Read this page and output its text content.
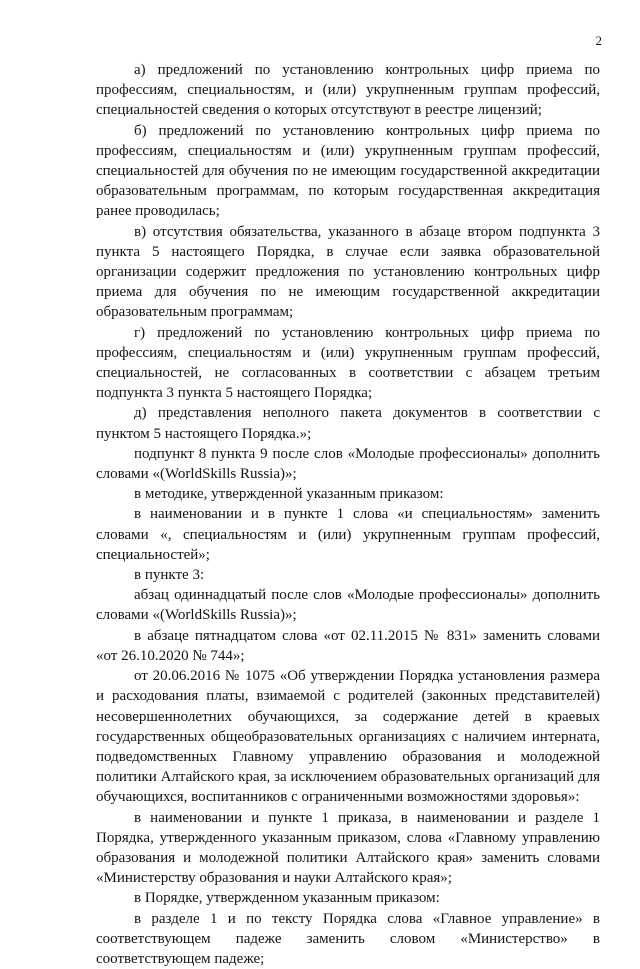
2

а) предложений по установлению контрольных цифр приема по профессиям, специальностям, и (или) укрупненным группам профессий, специальностей сведения о которых отсутствуют в реестре лицензий;

б) предложений по установлению контрольных цифр приема по профессиям, специальностям и (или) укрупненным группам профессий, специальностей для обучения по не имеющим государственной аккредитации образовательным программам, по которым государственная аккредитация ранее проводилась;

в) отсутствия обязательства, указанного в абзаце втором подпункта 3 пункта 5 настоящего Порядка, в случае если заявка образовательной организации содержит предложения по установлению контрольных цифр приема для обучения по не имеющим государственной аккредитации образовательным программам;

г) предложений по установлению контрольных цифр приема по профессиям, специальностям и (или) укрупненным группам профессий, специальностей, не согласованных в соответствии с абзацем третьим подпункта 3 пункта 5 настоящего Порядка;

д) представления неполного пакета документов в соответствии с пунктом 5 настоящего Порядка.»;

подпункт 8 пункта 9 после слов «Молодые профессионалы» дополнить словами «(WorldSkills Russia)»;

в методике, утвержденной указанным приказом:

в наименовании и в пункте 1 слова «и специальностям» заменить словами «, специальностям и (или) укрупненным группам профессий, специальностей»;

в пункте 3:

абзац одиннадцатый после слов «Молодые профессионалы» дополнить словами «(WorldSkills Russia)»;

в абзаце пятнадцатом слова «от 02.11.2015 № 831» заменить словами «от 26.10.2020 № 744»;

от 20.06.2016 № 1075 «Об утверждении Порядка установления размера и расходования платы, взимаемой с родителей (законных представителей) несовершеннолетних обучающихся, за содержание детей в краевых государственных общеобразовательных организациях с наличием интерната, подведомственных Главному управлению образования и молодежной политики Алтайского края, за исключением образовательных организаций для обучающихся, воспитанников с ограниченными возможностями здоровья»:

в наименовании и пункте 1 приказа, в наименовании и разделе 1 Порядка, утвержденного указанным приказом, слова «Главному управлению образования и молодежной политики Алтайского края» заменить словами «Министерству образования и науки Алтайского края»;

в Порядке, утвержденном указанным приказом:

в разделе 1 и по тексту Порядка слова «Главное управление» в соответствующем падеже заменить словом «Министерство» в соответствующем падеже;
